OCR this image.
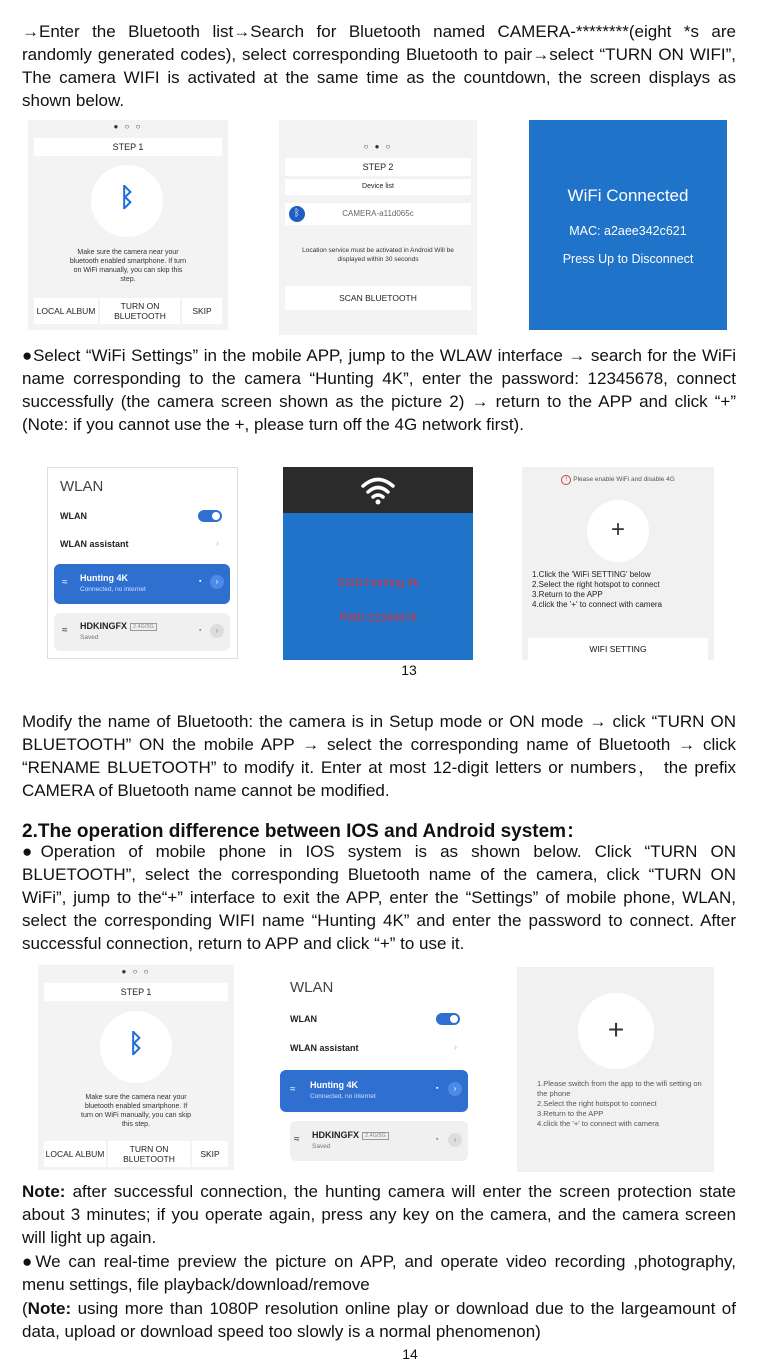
→Enter the Bluetooth list→Search for Bluetooth named CAMERA-********(eight *s are randomly generated codes), select corresponding Bluetooth to pair→select “TURN ON WIFI”, The camera WIFI is activated at the same time as the countdown, the screen displays as shown below.
● ○ ○
STEP 1
ᛒ
Make sure the camera near your bluetooth enabled smartphone. If turn on WiFi manually, you can skip this step.
LOCAL ALBUM	TURN ON BLUETOOTH	SKIP
○ ● ○
STEP 2
Device list
ᛒ	CAMERA-a11d065c
Location service must be activated in Android Will be displayed within 30 seconds
SCAN BLUETOOTH
WiFi Connected
MAC: a2aee342c621
Press Up to Disconnect
●Select “WiFi Settings” in the mobile APP, jump to the WLAW interface → search for the WiFi name corresponding to the camera “Hunting 4K”, enter the password: 12345678, connect successfully (the camera screen shown as the picture 2) → return to the APP and click “+” (Note: if you cannot use the +, please turn off the 4G network first).
WLAN
WLAN
WLAN assistant	›
≈ Hunting 4K
Connected, no internet
▪	›
≈ HDKINGFX 2.4G/5G
Saved
▪	›
SSID:Hunting 4k
PWD:12345678
! Please enable WiFi and disable 4G
+
1.Click the 'WiFi SETTING' below
2.Select the right hotspot to connect
3.Return to the APP
4.click the '+' to connect with camera
WIFI SETTING
13
Modify the name of Bluetooth: the camera is in Setup mode or ON mode → click “TURN ON BLUETOOTH” ON the mobile APP → select the corresponding name of Bluetooth → click “RENAME BLUETOOTH” to modify it. Enter at most 12-digit letters or numbers， the prefix CAMERA of Bluetooth name cannot be modified.
2.The operation difference between IOS and Android system：
●Operation of mobile phone in IOS system is as shown below. Click “TURN ON BLUETOOTH”, select the corresponding Bluetooth name of the camera, click “TURN ON WiFi”, jump to the“+” interface to exit the APP, enter the “Settings” of mobile phone, WLAN, select the corresponding WIFI name “Hunting 4K” and enter the password to connect. After successful connection, return to APP and click “+” to use it.
● ○ ○
STEP 1
ᛒ
Make sure the camera near your bluetooth enabled smartphone. If turn on WiFi manually, you can skip this step.
LOCAL ALBUM	TURN ON BLUETOOTH	SKIP
WLAN
WLAN
WLAN assistant	›
≈ Hunting 4K
Connected, no internet
▪	›
≈ HDKINGFX 2.4G/5G
Saved
▪	›
+
1.Please switch from the app to the wifi setting on the phone
2.Select the right hotspot to connect
3.Return to the APP
4.click the '+' to connect with camera
Note: after successful connection, the hunting camera will enter the screen protection state about 3 minutes; if you operate again, press any key on the camera, and the camera screen will light up again.
●We can real-time preview the picture on APP, and operate video recording ,photography, menu settings, file playback/download/remove
(Note: using more than 1080P resolution online play or download due to the largeamount of data, upload or download speed too slowly is a normal phenomenon)
14
